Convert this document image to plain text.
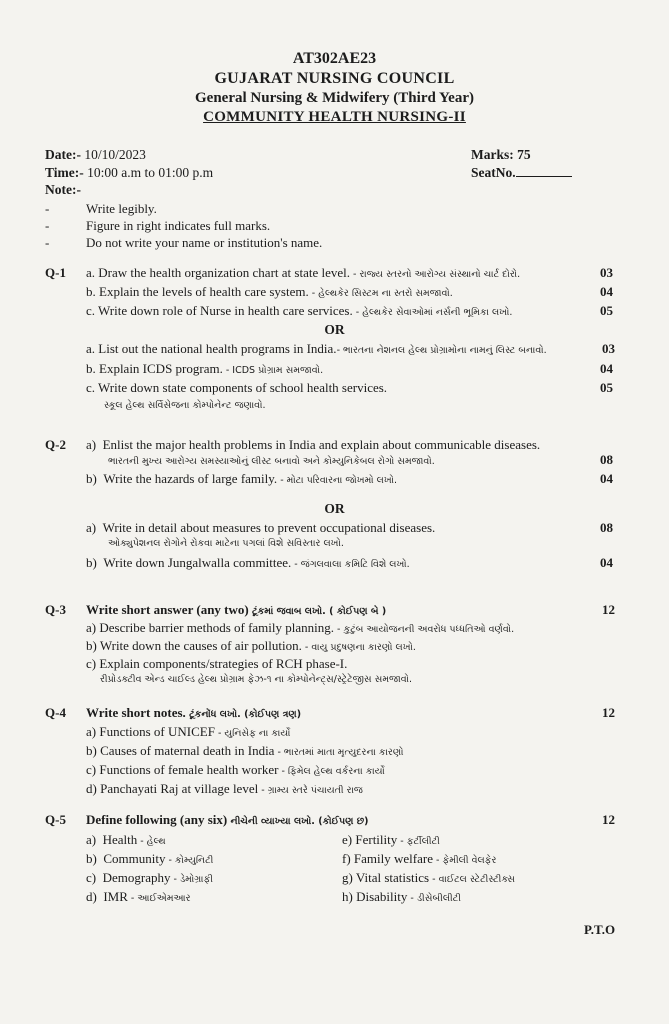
AT302AE23
GUJARAT NURSING COUNCIL
General Nursing & Midwifery (Third Year)
COMMUNITY HEALTH NURSING-II
Date:- 10/10/2023	Marks: 75
Time:- 10:00 a.m to 01:00 p.m	SeatNo.
Note:-
-	Write legibly.
-	Figure in right indicates full marks.
-	Do not write your name or institution's name.
Q-1 a. Draw the health organization chart at state level. - રાજ્ય સ્તરનો આરોગ્ય સંસ્થાનો ચાર્ટ દોરો.	03
b. Explain the levels of health care system. - હેલ્થકેર સિસ્ટમ ના સ્તરો સમજાવો.	04
c. Write down role of Nurse in health care services. - હેલ્થકેર સેવાઓમાં નર્સની ભૂમિકા લખો.	05
OR
a. List out the national health programs in India.- ભારતના નેશનલ હેલ્થ પ્રોગ્રામોના નામનું લિસ્ટ બનાવો.	03
b. Explain ICDS program. - ICDS પ્રોગ્રામ સમજાવો.	04
c. Write down state components of school health services.	05
સ્કૂલ હેલ્થ સર્વિસેજના કોમ્પોનેન્ટ જણાવો.
Q-2 a) Enlist the major health problems in India and explain about communicable diseases.
ભારતની મુખ્ય આરોગ્ય સમસ્યાઓનું લીસ્ટ બનાવો અને કોમ્યુનિકેબલ રોગો સમજાવો.	08
b) Write the hazards of large family. - મોટા પરિવારના જોખમો લખો.	04
OR
a) Write in detail about measures to prevent occupational diseases.	08
ઓક્યુપેશનલ રોગોને રોકવા માટેના પગલાં વિશે સવિસ્તાર લખો.
b) Write down Jungalwalla committee. - જંગલવાલા કમિટિ વિશે લખો.	04
Q-3 Write short answer (any two) ટૂંકમાં જવાબ લખો. ( કોઈપણ બે )	12
a) Describe barrier methods of family planning. - કુટુંબ આયોજનની અવરોધ પધ્ધતિઓ વર્ણવો.
b) Write down the causes of air pollution. - વાયુ પ્રદુષણના કારણો લખો.
c) Explain components/strategies of RCH phase-I.
રીપ્રોડક્ટીવ એન્ડ ચાઈલ્ડ હેલ્થ પ્રોગ્રામ ફેઝ-૧ ના કોમ્પોનેન્ટ્સ/સ્ટ્રેટેજીસ સમજાવો.
Q-4 Write short notes. ટૂંકનોંધ લખો. (કોઈપણ ત્રણ)	12
a) Functions of UNICEF - યુનિસેફ ના કાર્યો
b) Causes of maternal death in India - ભારતમાં માતા મૃત્યુદરના કારણો
c) Functions of female health worker - ફિમેલ હેલ્થ વર્કરના કાર્યો
d) Panchayati Raj at village level - ગ્રામ્ય સ્તરે પંચાયતી રાજ
Q-5 Define following (any six) નીચેની વ્યાખ્યા લખો. (કોઈપણ છ)	12
a) Health - હેલ્થ
b) Community - કોમ્યુનિટી
c) Demography - ડેમોગ્રાફી
d) IMR - આઈએમઆર
e) Fertility - ફર્ટીલીટી
f) Family welfare - ફેમીલી વેલફેર
g) Vital statistics - વાઈટલ સ્ટેટીસ્ટીક્સ
h) Disability - ડીસેબીલીટી
P.T.O
